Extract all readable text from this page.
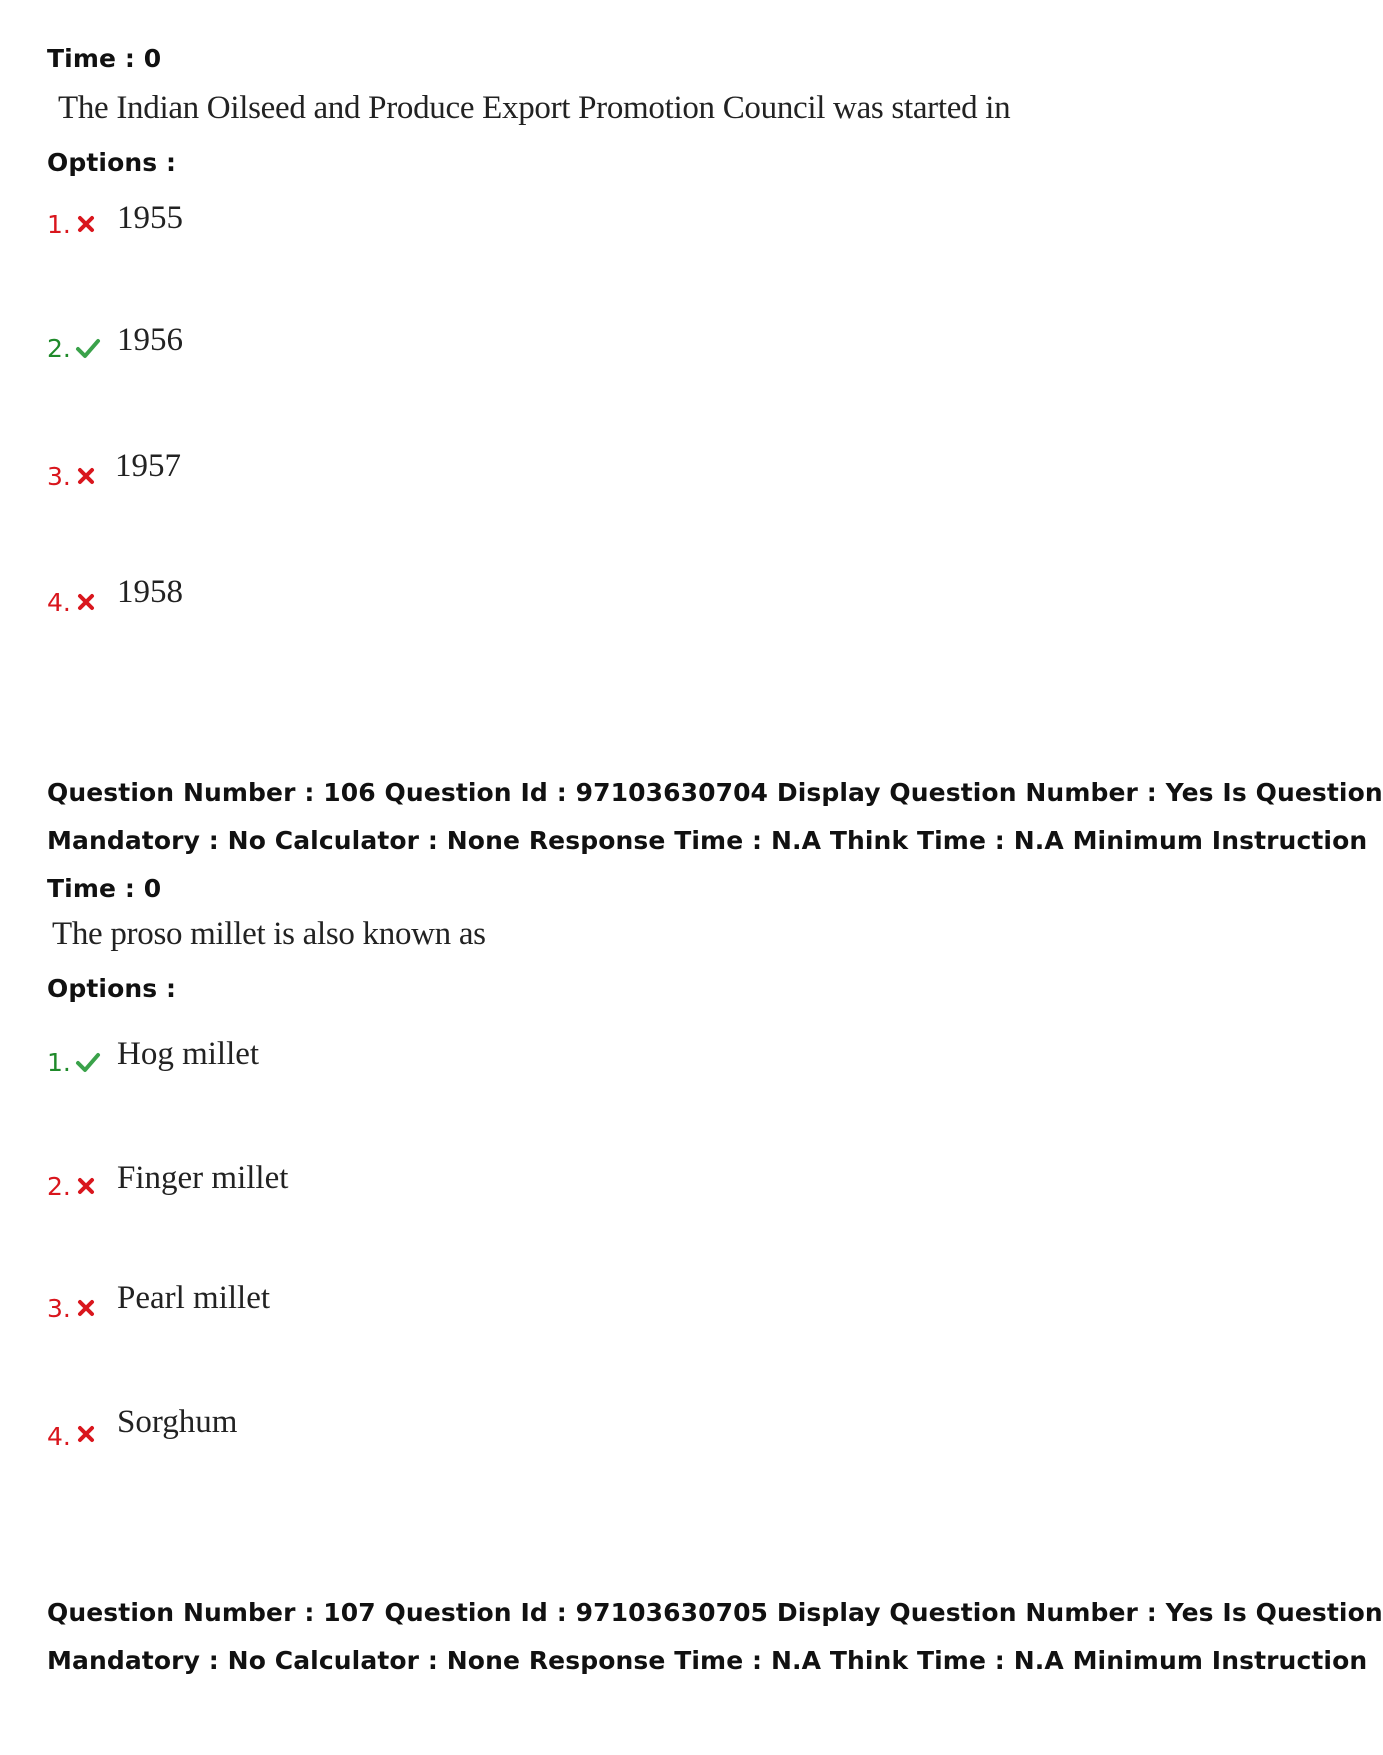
Time : 0
The Indian Oilseed and Produce Export Promotion Council was started in
Options :
1. 1955
2. 1956
3. 1957
4. 1958
Question Number : 106 Question Id : 97103630704 Display Question Number : Yes Is Question
Mandatory : No Calculator : None Response Time : N.A Think Time : N.A Minimum Instruction
Time : 0
The proso millet is also known as
Options :
1. Hog millet
2. Finger millet
3. Pearl millet
4. Sorghum
Question Number : 107 Question Id : 97103630705 Display Question Number : Yes Is Question
Mandatory : No Calculator : None Response Time : N.A Think Time : N.A Minimum Instruction
